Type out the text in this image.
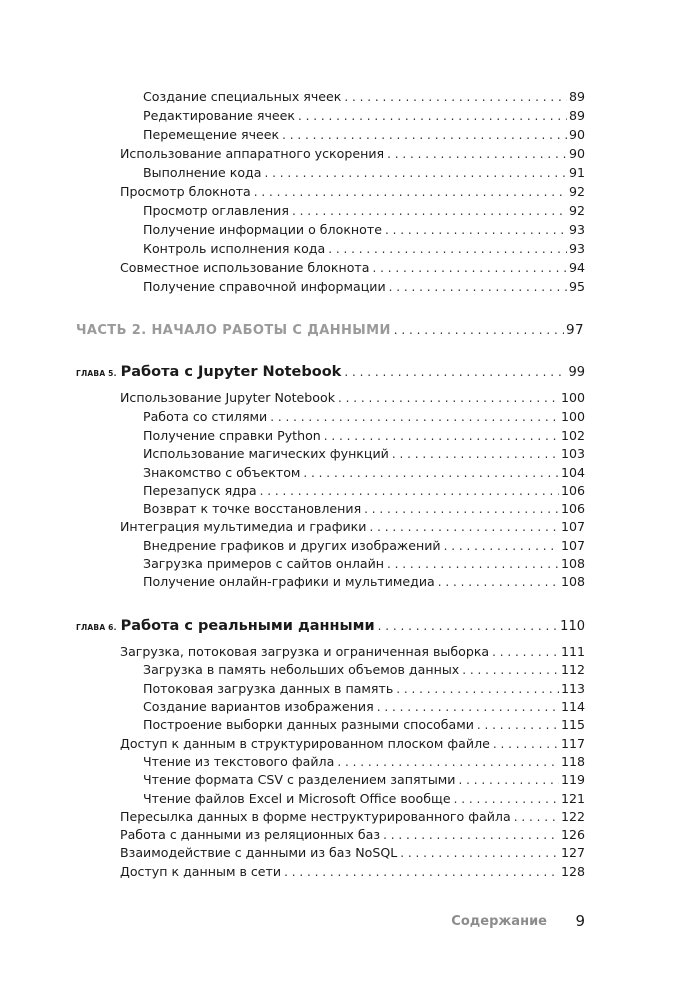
Создание специальных ячеек . . .	89
Редактирование ячеек . . .	89
Перемещение ячеек . . .	90
Использование аппаратного ускорения . . .	90
Выполнение кода . . .	91
Просмотр блокнота . . .	92
Просмотр оглавления . . .	92
Получение информации о блокноте . . .	93
Контроль исполнения кода . . .	93
Совместное использование блокнота . . .	94
Получение справочной информации . . .	95
ЧАСТЬ 2. НАЧАЛО РАБОТЫ С ДАННЫМИ . . .	97
ГЛАВА 5. Работа с Jupyter Notebook . . .	99
Использование Jupyter Notebook . . .	100
Работа со стилями . . .	100
Получение справки Python . . .	102
Использование магических функций . . .	103
Знакомство с объектом . . .	104
Перезапуск ядра . . .	106
Возврат к точке восстановления . . .	106
Интеграция мультимедиа и графики . . .	107
Внедрение графиков и других изображений . . .	107
Загрузка примеров с сайтов онлайн . . .	108
Получение онлайн-графики и мультимедиа . . .	108
ГЛАВА 6. Работа с реальными данными . . .	110
Загрузка, потоковая загрузка и ограниченная выборка . . .	111
Загрузка в память небольших объемов данных . . .	112
Потоковая загрузка данных в память . . .	113
Создание вариантов изображения . . .	114
Построение выборки данных разными способами . . .	115
Доступ к данным в структурированном плоском файле . . .	117
Чтение из текстового файла . . .	118
Чтение формата CSV с разделением запятыми . . .	119
Чтение файлов Excel и Microsoft Office вообще . . .	121
Пересылка данных в форме неструктурированного файла . . .	122
Работа с данными из реляционных баз . . .	126
Взаимодействие с данными из баз NoSQL . . .	127
Доступ к данным в сети . . .	128
Содержание 9
